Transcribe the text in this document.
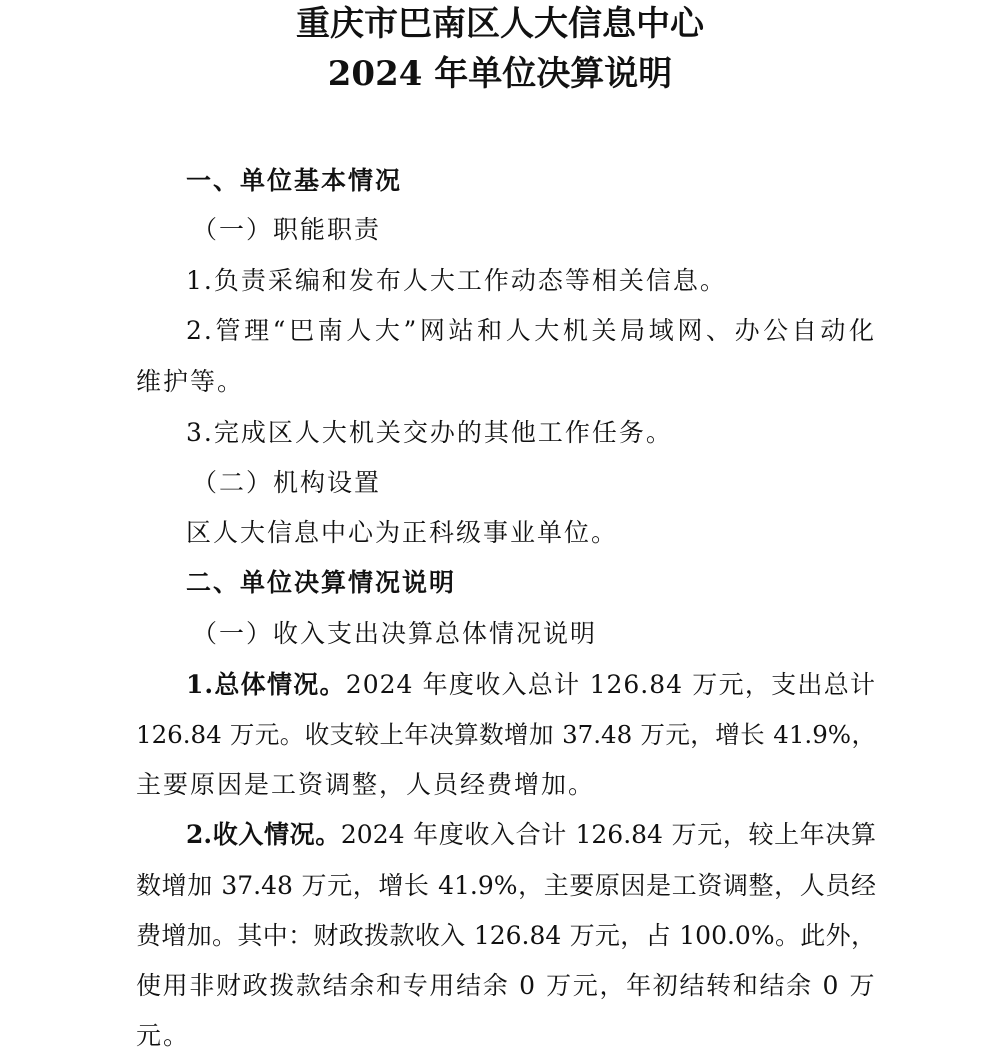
重庆市巴南区人大信息中心
2024 年单位决算说明

一、单位基本情况

（一）职能职责

1.负责采编和发布人大工作动态等相关信息。

2.管理“巴南人大”网站和人大机关局域网、办公自动化

维护等。

3.完成区人大机关交办的其他工作任务。

（二）机构设置

区人大信息中心为正科级事业单位。

二、单位决算情况说明

（一）收入支出决算总体情况说明

1.总体情况。2024 年度收入总计 126.84 万元，支出总计

126.84 万元。收支较上年决算数增加 37.48 万元，增长 41.9%，

主要原因是工资调整，人员经费增加。

2.收入情况。2024 年度收入合计 126.84 万元，较上年决算

数增加 37.48 万元，增长 41.9%，主要原因是工资调整，人员经

费增加。其中：财政拨款收入 126.84 万元，占 100.0%。此外，

使用非财政拨款结余和专用结余 0 万元，年初结转和结余 0 万

元。
